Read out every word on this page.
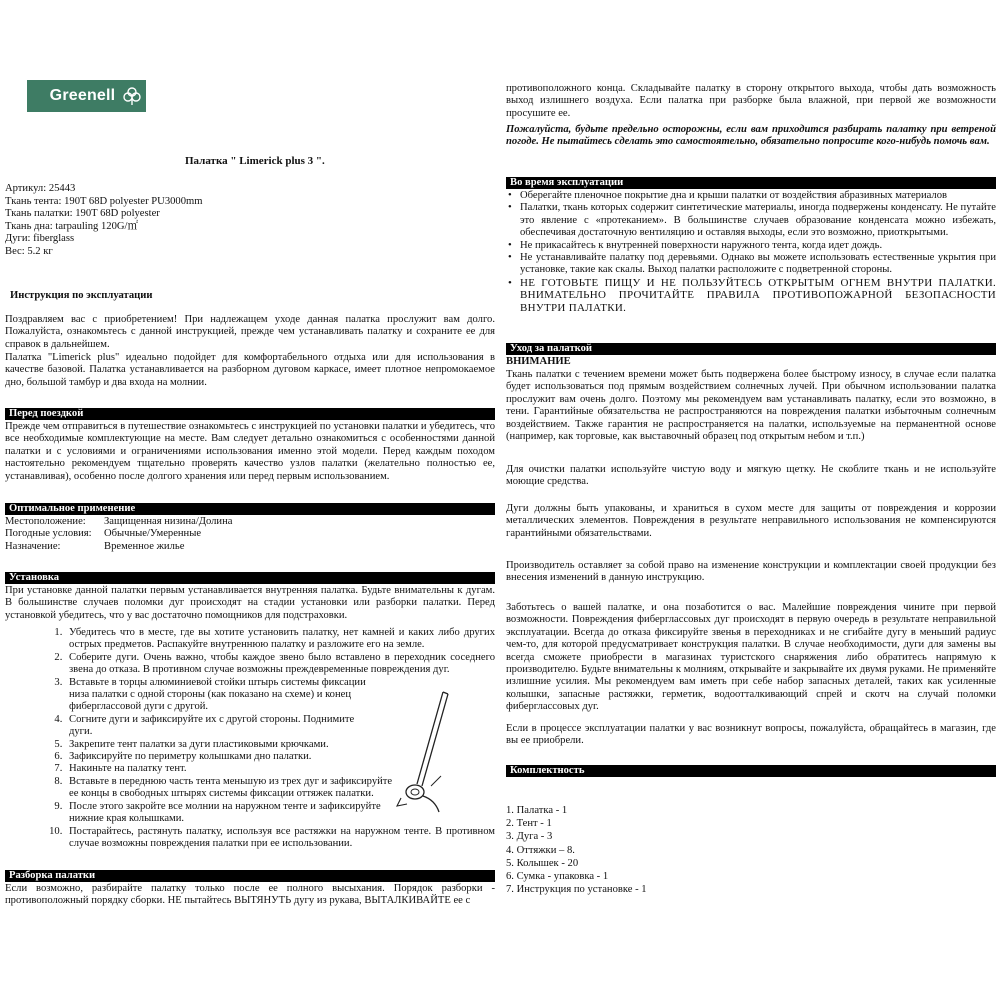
Greenell
Палатка " Limerick plus 3 ".
Артикул: 25443
Ткань тента: 190T 68D polyester PU3000mm
Ткань палатки: 190T 68D polyester
Ткань дна: tarpauling 120G/㎡
Дуги: fiberglass
Вес: 5.2 кг
Инструкция по эксплуатации

Поздравляем вас с приобретением! При надлежащем уходе данная палатка прослужит вам долго. Пожалуйста, ознакомьтесь с данной инструкцией, прежде чем устанавливать палатку и сохраните ее для справок в дальнейшем.

Палатка "Limerick plus" идеально подойдет для комфортабельного отдыха или для использования в качестве базовой. Палатка устанавливается на разборном дуговом каркасе, имеет плотное непромокаемое дно, большой тамбур и два входа на молнии.

Перед поездкой

Прежде чем отправиться в путешествие ознакомьтесь с инструкцией по установки палатки и убедитесь, что все необходимые комплектующие на месте. Вам следует детально ознакомиться с особенностями данной палатки и с условиями и ограничениями использования именно этой модели. Перед каждым походом настоятельно рекомендуем тщательно проверять качество узлов палатки (желательно полностью ее, устанавливая), особенно после долгого хранения или перед первым использованием.

Оптимальное применение
Местоположение:	Защищенная низина/Долина
Погодные условия:	Обычные/Умеренные
Назначение:	Временное жилье
Установка

При установке данной палатки первым устанавливается внутренняя палатка. Будьте внимательны к дугам. В большинстве случаев поломки дуг происходят на стадии установки или разборки палатки. Перед установкой убедитесь, что у вас достаточно помощников для подстраховки.

1. Убедитесь что в месте, где вы хотите установить палатку, нет камней и каких либо других острых предметов. Распакуйте внутреннюю палатку и разложите его на земле.
2. Соберите дуги. Очень важно, чтобы каждое звено было вставлено в переходник соседнего звена до отказа. В противном случае возможны преждевременные повреждения дуг.
3. Вставьте в торцы алюминиевой стойки штырь системы фиксации низа палатки с одной стороны (как показано на схеме) и конец фиберглассовой дуги с другой.
4. Согните дуги и зафиксируйте их с другой стороны. Поднимите дуги.
5. Закрепите тент палатки за дуги пластиковыми крючками.
6. Зафиксируйте по периметру колышками дно палатки.
7. Накиньте на палатку тент.
8. Вставьте в переднюю часть тента меньшую из трех дуг и зафиксируйте ее концы в свободных штырях системы фиксации оттяжек палатки.
9. После этого закройте все молнии на наружном тенте и зафиксируйте нижние края колышками.
10. Постарайтесь, растянуть палатку, используя все растяжки на наружном тенте. В противном случае возможны повреждения палатки при ее использовании.
Разборка палатки

Если возможно, разбирайте палатку только после ее полного высыхания. Порядок разборки - противоположный порядку сборки. НЕ пытайтесь ВЫТЯНУТЬ дугу из рукава, ВЫТАЛКИВАЙТЕ ее с

противоположного конца. Складывайте палатку в сторону открытого выхода, чтобы дать возможность выход излишнего воздуха. Если палатка при разборке была влажной, при первой же возможности просушите ее.

Пожалуйста, будьте предельно осторожны, если вам приходится разбирать палатку при ветреной погоде. Не пытайтесь сделать это самостоятельно, обязательно попросите кого-нибудь помочь вам.

Во время эксплуатации
• Оберегайте пленочное покрытие дна и крыши палатки от воздействия абразивных материалов
• Палатки, ткань которых содержит синтетические материалы, иногда подвержены конденсату. Не путайте это явление с «протеканием». В большинстве случаев образование конденсата можно избежать, обеспечивая достаточную вентиляцию и оставляя выходы, если это возможно, приоткрытыми.
• Не прикасайтесь к внутренней поверхности наружного тента, когда идет дождь.
• Не устанавливайте палатку под деревьями. Однако вы можете использовать естественные укрытия при установке, такие как скалы. Выход палатки расположите с подветренной стороны.
• НЕ ГОТОВЬТЕ ПИЩУ И НЕ ПОЛЬЗУЙТЕСЬ ОТКРЫТЫМ ОГНЕМ ВНУТРИ ПАЛАТКИ. ВНИМАТЕЛЬНО ПРОЧИТАЙТЕ ПРАВИЛА ПРОТИВОПОЖАРНОЙ БЕЗОПАСНОСТИ ВНУТРИ ПАЛАТКИ.
Уход за палаткой
ВНИМАНИЕ

Ткань палатки с течением времени может быть подвержена более быстрому износу, в случае если палатка будет использоваться под прямым воздействием солнечных лучей. При обычном использовании палатка прослужит вам очень долго. Поэтому мы рекомендуем вам устанавливать палатку, если это возможно, в тени. Гарантийные обязательства не распространяются на повреждения палатки избыточным солнечным воздействием. Также гарантия не распространяется на палатки, используемые на перманентной основе (например, как торговые, как выставочный образец под открытым небом и т.п.)

Для очистки палатки используйте чистую воду и мягкую щетку. Не скоблите ткань и не используйте моющие средства.

Дуги должны быть упакованы, и храниться в сухом месте для защиты от повреждения и коррозии металлических элементов. Повреждения в результате неправильного использования не компенсируются гарантийными обязательствами.

Производитель оставляет за собой право на изменение конструкции и комплектации своей продукции без внесения изменений в данную инструкцию.

Заботьтесь о вашей палатке, и она позаботится о вас. Малейшие повреждения чините при первой возможности. Повреждения фиберглассовых дуг происходят в первую очередь в результате неправильной эксплуатации. Всегда до отказа фиксируйте звенья в переходниках и не сгибайте дугу в меньший радиус чем-то, для которой предусматривает конструкция палатки. В случае необходимости, дуги для замены вы всегда сможете приобрести в магазинах туристского снаряжения либо обратитесь напрямую к производителю. Будьте внимательны к молниям, открывайте и закрывайте их двумя руками. Не применяйте излишние усилия. Мы рекомендуем вам иметь при себе набор запасных деталей, таких как усиленные колышки, запасные растяжки, герметик, водоотталкивающий спрей и скотч на случай поломки фиберглассовых дуг.

Если в процессе эксплуатации палатки у вас возникнут вопросы, пожалуйста, обращайтесь в магазин, где вы ее приобрели.

Комплектность
1. Палатка - 1
2. Тент - 1
3. Дуга - 3
4. Оттяжки – 8.
5. Колышек - 20
6. Сумка - упаковка - 1
7. Инструкция по установке - 1
